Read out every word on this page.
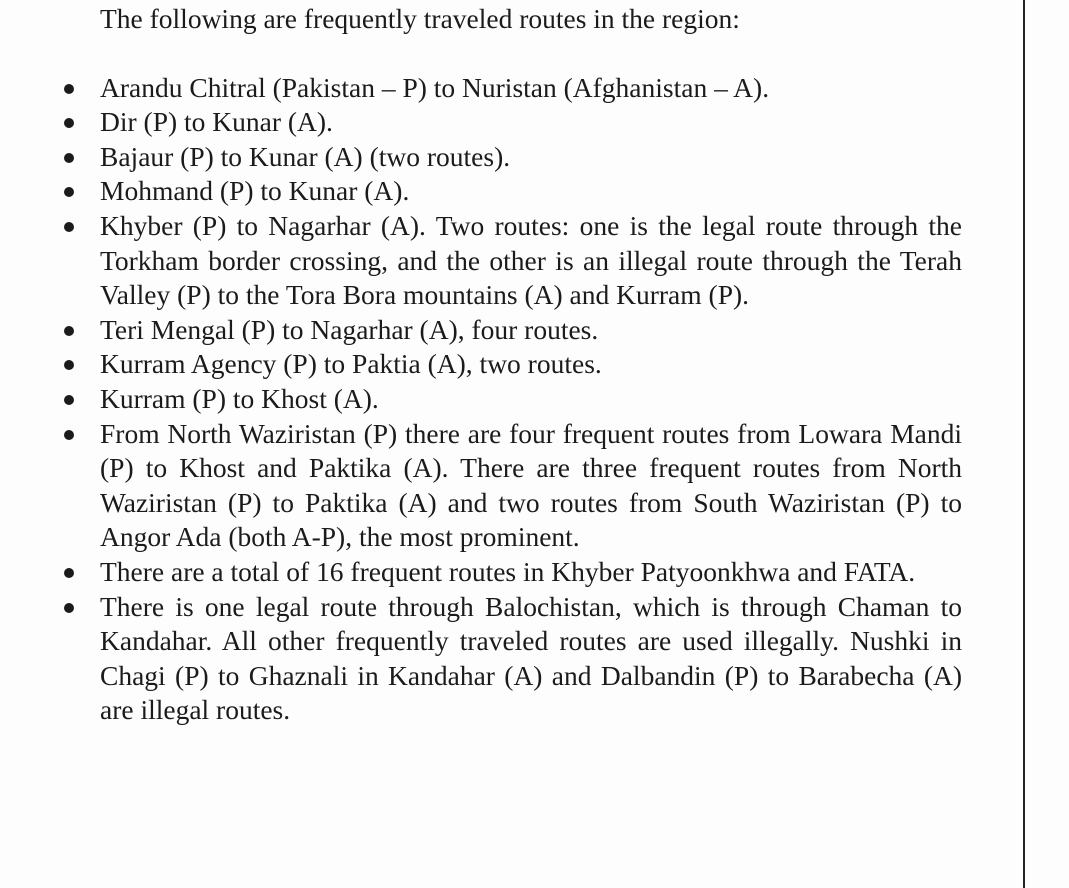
The following are frequently traveled routes in the region:

Arandu Chitral (Pakistan – P) to Nuristan (Afghanistan – A).
Dir (P) to Kunar (A).
Bajaur (P) to Kunar (A) (two routes).
Mohmand (P) to Kunar (A).
Khyber (P) to Nagarhar (A). Two routes: one is the legal route through the Torkham border crossing, and the other is an illegal route through the Terah Valley (P) to the Tora Bora mountains (A) and Kurram (P).
Teri Mengal (P) to Nagarhar (A), four routes.
Kurram Agency (P) to Paktia (A), two routes.
Kurram (P) to Khost (A).
From North Waziristan (P) there are four frequent routes from Lowara Mandi (P) to Khost and Paktika (A). There are three frequent routes from North Waziristan (P) to Paktika (A) and two routes from South Waziristan (P) to Angor Ada (both A-P), the most prominent.
There are a total of 16 frequent routes in Khyber Patyoonkhwa and FATA.
There is one legal route through Balochistan, which is through Chaman to Kandahar. All other frequently traveled routes are used illegally. Nushki in Chagi (P) to Ghaznali in Kandahar (A) and Dalbandin (P) to Barabecha (A) are illegal routes.
